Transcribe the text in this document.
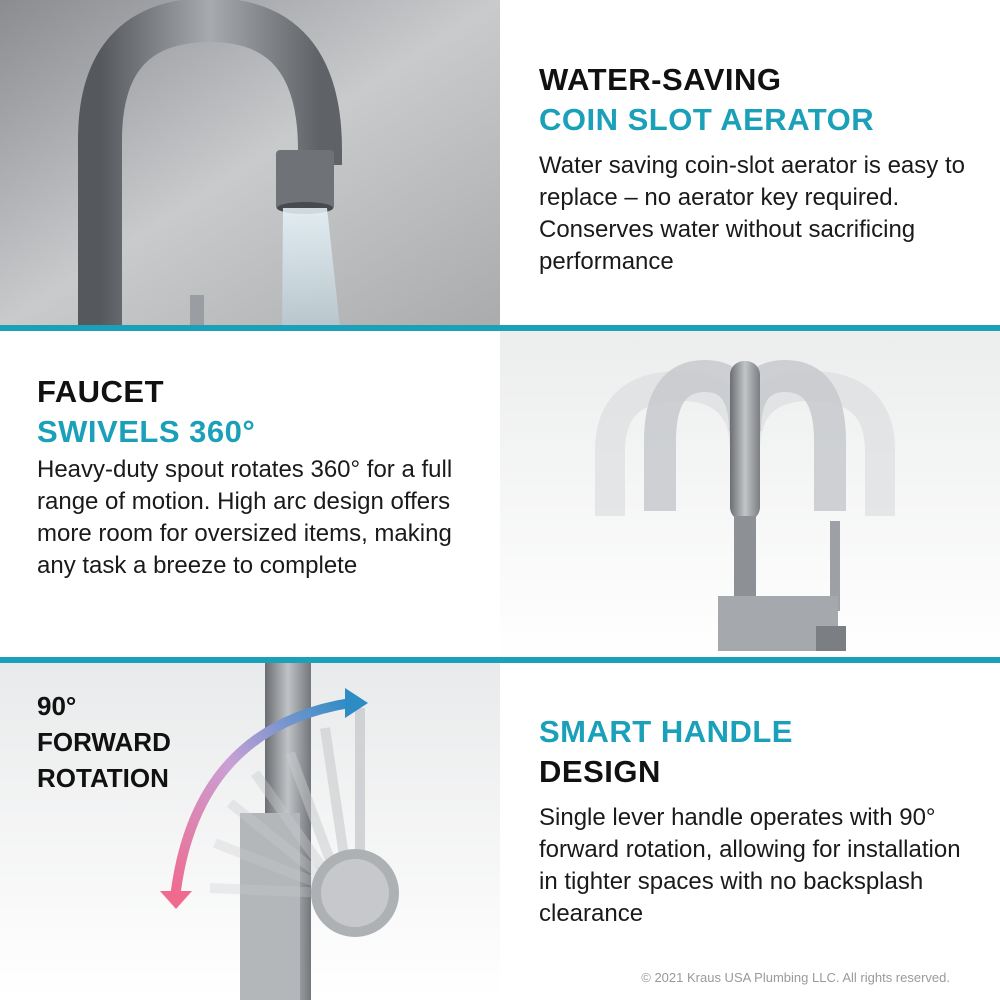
WATER-SAVING
COIN SLOT AERATOR
Water saving coin-slot aerator is easy to replace – no aerator key required. Conserves water without sacrificing performance
FAUCET
SWIVELS 360°
Heavy-duty spout rotates 360° for a full range of motion. High arc design offers more room for oversized items, making any task a breeze to complete
90°
FORWARD
ROTATION
SMART HANDLE
DESIGN
Single lever handle operates with 90° forward rotation, allowing for installation in tighter spaces with no backsplash clearance
© 2021 Kraus USA Plumbing LLC. All rights reserved.
